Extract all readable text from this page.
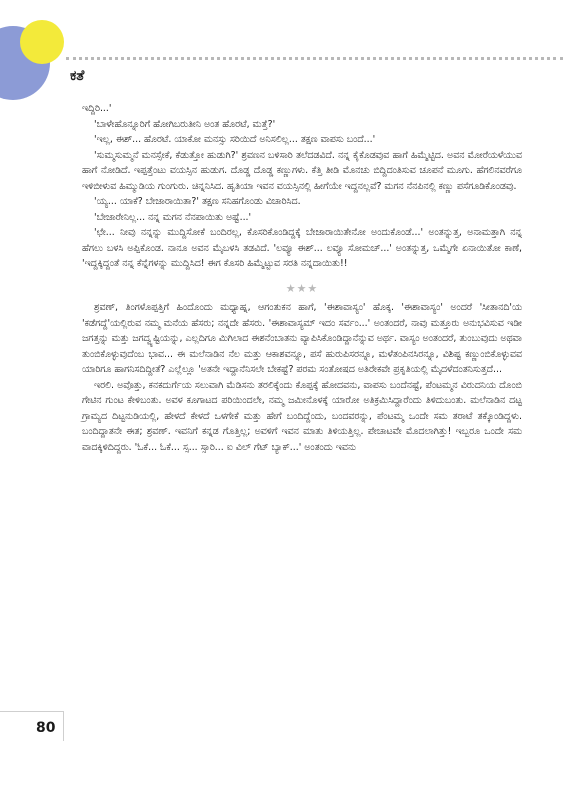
ಕತೆ

ಇದ್ದಿರಿ...'

'ಬಾಳೇಹೊನ್ನೂರಿಗೆ ಹೋಗಿಬರುತೀನಿ ಅಂತ ಹೊರಟೆ, ಮತ್ತೆ?'

'ಇಲ್ಲ, ಈಶ್... ಹೊರಟೆ. ಯಾಕೋ ಮನಸ್ಸು ಸರಿಯಿದೆ ಅನಿಸಲಿಲ್ಲ... ತಕ್ಷಣ ವಾಪಸು ಬಂದೆ...'

'ಸುಮ್ಮಸುಮ್ಮನೆ ಮನಸ್ಸೇಕೆ, ಕೆಡುತ್ತೋ ಹುಡುಗಿ?' ಶ್ರವಣನ ಬಳಿಸಾರಿ ತಲೆದಡವಿದೆ. ನನ್ನ ಕೈಕೊಡವುವ ಹಾಗೆ ಹಿಮ್ಮೆಟ್ಟಿದ. ಅವನ ಮೋರೆಯಳೆಯುವ ಹಾಗೆ ನೋಡಿದೆ. ಇಪ್ಪತ್ತೆಂಟು ವಯಸ್ಸಿನ ಹುಡುಗ. ದೊಡ್ಡ ದೊಡ್ಡ ಕಣ್ಣುಗಳು. ಕೆತ್ತಿ ತೀಡಿ ಮೊನಚು ಬಿದ್ದಿದಂತಿಸುವ ಚೂಪನೆ ಮೂಗು. ಹೆಗಲಿನವರೆಗೂ ಇಳಿಬೀಳುವ ಹಿಮ್ಮುಡಿಯ ಗುಂಗುರು. ಚಿನ್ನನಿಸಿದ. ಹೃತಿಯಾ ಇವನ ವಯಸ್ಸಿನಲ್ಲಿ ಹೀಗೆಯೇ ಇದ್ದನಲ್ಲವೆ? ಮಗನ ನೆನಪಿನಲ್ಲಿ ಕಣ್ಣು ಪಸೆಗೂಡಿಕೊಂಡವು.

'ಯ್ಯ... ಯಾಕೆ? ಬೇಜಾರಾಯಿತಾ?' ತಕ್ಷಣ ಸನಿಹಗೊಂಡು ವಿಚಾರಿಸಿದ.

'ಬೇಜಾರೇನಿಲ್ಲ... ನನ್ನ ಮಗನ ನೆನಪಾಯಿತು ಅಷ್ಟೆ...'

'ಛೇ... ನೀವು ನನ್ನನ್ನು ಮುದ್ದಿಸೋಕೆ ಬಂದಿರಲ್ಲ, ಕೊಸರಿಕೊಂಡಿದ್ದಕ್ಕೆ ಬೇಜಾರಾಯಿತೇನೋ ಅಂದುಕೊಂಡೆ...' ಅಂತನ್ನುತ್ತ, ಅನಾಮತ್ತಾಗಿ ನನ್ನ ಹೆಗಲು ಬಳಸಿ ಅಪ್ಪಿಕೊಂಡ. ನಾನೂ ಅವನ ಮೈಬಳಸಿ ತಡವಿದೆ. 'ಲವ್ಯೂ ಈಶ್... ಲವ್ಯೂ ಸೋಮಚ್...' ಅಂತನ್ನುತ್ತ, ಒಮ್ಮೆಗೇ ಏನಾಯಿತೋ ಕಾಣೆ, 'ಇದ್ದಕ್ಕಿದ್ದಂತೆ ನನ್ನ ಕೆನ್ನೆಗಳನ್ನು ಮುದ್ದಿಸಿದ! ಈಗ ಕೊಸರಿ ಹಿಮ್ಮೆಟ್ಟುವ ಸರತಿ ನನ್ನದಾಯಿತು!!

★★★

ಶ್ರವಣ್, ತಿಂಗಳೊಪ್ಪತ್ತಿಗೆ ಹಿಂದೊಂದು ಮಧ್ಯಾಹ್ನ, ಆಗಂತುಕನ ಹಾಗೆ, 'ಈಶಾವಾಸ್ಯಂ' ಹೊಕ್ಕ. 'ಈಶಾವಾಸ್ಯಂ' ಅಂದರೆ 'ಸೀತಾನದಿ'ಯ 'ಕಡೆಗದ್ದೆ'ಯಲ್ಲಿರುವ ನಮ್ಮ ಮನೆಯ ಹೆಸರು; ನನ್ನದೇ ಹೆಸರು. 'ಈಶಾವಾಸ್ಯಮ್ ಇದಂ ಸರ್ವಂ...' ಅಂತಂದರೆ, ನಾವು ಮತ್ತೂರು ಅನುಭವಿಸುವ ಇಡೀ ಜಗತ್ತನ್ನು ಮತ್ತು ಜಗದ್ವ್ಯಷ್ಟಿಯನ್ನು, ಎಲ್ಲದಿಗೂ ಮಿಗಿಲಾದ ಈಶನೆಂಬಾತನು ವ್ಯಾಪಿಸಿಕೊಂಡಿದ್ದಾನೆನ್ನುವ ಅರ್ಥ. ವಾಸ್ಯಂ ಅಂತಂದರೆ, ತುಂಬುವುದು ಅಥವಾ ತುಂಬಿಕೊಳ್ಳುವುದೆಂಬ ಭಾವ... ಈ ಮಲೆನಾಡಿನ ನೆಲ ಮತ್ತು ಆಕಾಶವನ್ನೂ, ಪಸೆ ಹುರುಪಿಸರನ್ನೂ, ಮಳೆತಂಪಿನಸಿರನ್ನೂ, ವಿಶಿಷ್ಟ ಕಣ್ಣುಂಬಿಕೊಳ್ಳುವವ ಯಾರಿಗೂ ಹಾಗನಿಸದಿದ್ದೀತೆ? ಎಲ್ಲೆಲ್ಲೂ 'ಅತನೇ ಇದ್ದಾನೆನಿಸಲೇ ಬೇಕಷ್ಟೆ? ಪರಮ ಸಂತೋಷದ ಅತಿರೇಕವೇ ಪ್ರಕೃತಿಯಲ್ಲಿ ಮೈದಳೆದಂತನಿಸುತ್ತದೆ...

ಇರಲಿ. ಅವೊತ್ತು, ಕನಕದುರ್ಗೆಯ ಸಲುವಾಗಿ ಮೆಡಿಸನು ತರಲಿಕ್ಕೆಂದು ಕೊಪ್ಪಕ್ಕೆ ಹೋದವನು, ವಾಪಸು ಬಂದೆನಷ್ಟೆ, ಪೆಂಟಮ್ಮನ ವಿರುದನಿಯ ದೊಂಬಿ ಗೇಟಿನ ಗುಂಟ ಕೇಳಿಬಂತು. ಅವಳ ಕೂಗಾಟದ ಪರಿಯಿಂದಲೇ, ನಮ್ಮ ಜಮೀನೊಳಕ್ಕೆ ಯಾರೋ ಅತಿಕ್ರಮಿಸಿದ್ದಾರೆಂದು ತಿಳಿದುಬಂತು. ಮಲೆನಾಡಿನ ದಟ್ಟ ಗ್ರಾಮ್ಯದ ದಿಟ್ಟನುಡಿಯಲ್ಲಿ, ಹೇಳದೆ ಕೇಳದೆ ಒಳಗೇಕೆ ಮತ್ತು ಹೇಗೆ ಬಂದಿದ್ದೆಂದು, ಬಂದವರನ್ನು, ಪೆಂಟಮ್ಮ ಒಂದೇ ಸಮ ತರಾಟೆ ತಕ್ಕೊಂಡಿದ್ದಳು. ಬಂದಿದ್ದಾತನೇ ಈತ; ಶ್ರವಣ್. ಇವನಿಗೆ ಕನ್ನಡ ಗೊತ್ತಿಲ್ಲ; ಅವಳಿಗೆ ಇವನ ಮಾತು ತಿಳಿಯತ್ತಿಲ್ಲ. ಪೇಚಾಟವೇ ಮೊದಲಾಗಿತ್ತು! ಇಬ್ಬರೂ ಒಂದೇ ಸಮ ವಾದಕ್ಕಿಳಿದಿದ್ದರು. 'ಓಕೆ... ಓಕೆ... ಸ್ಸ... ಸ್ಸಾರಿ... ಐ ವಿಲ್ ಗೆಟ್ ಬ್ಯಾಕ್...' ಅಂತಂದು ಇವನು

80
